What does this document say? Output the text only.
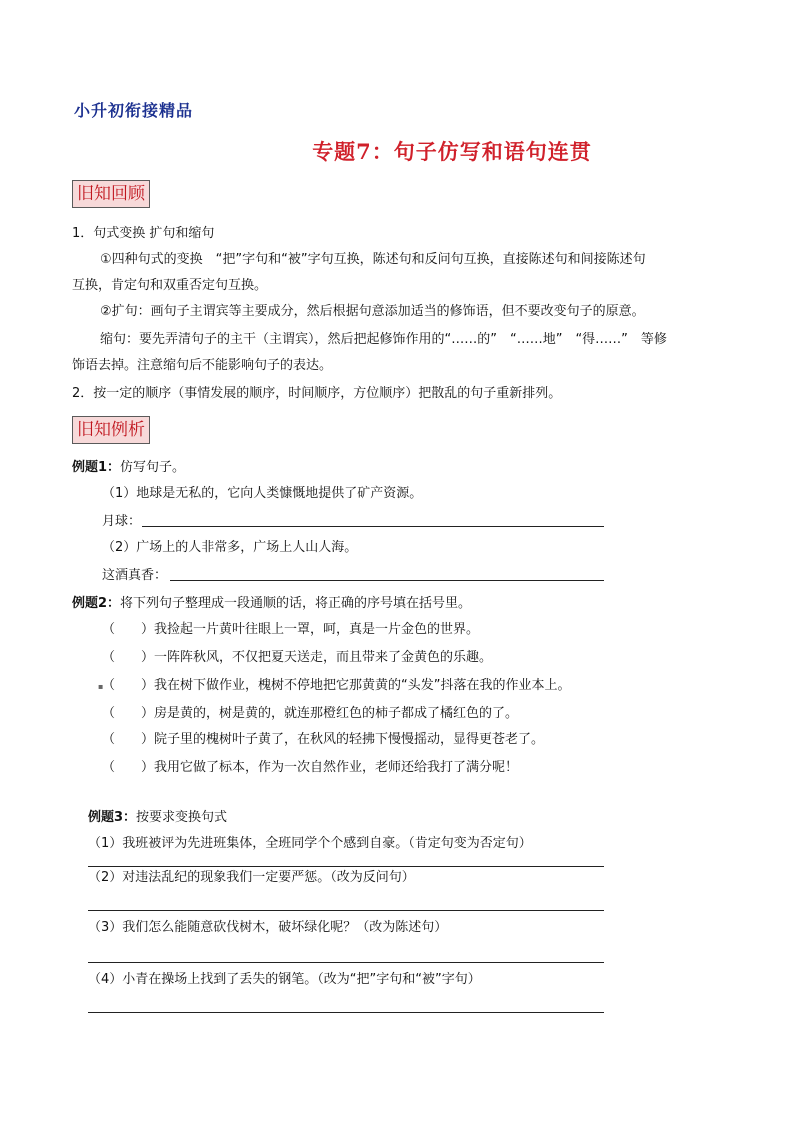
小升初衔接精品
专题7：句子仿写和语句连贯
旧知回顾
1．句式变换 扩句和缩句
①四种句式的变换　“把”字句和“被”字句互换，陈述句和反问句互换，直接陈述句和间接陈述句
互换，肯定句和双重否定句互换。
②扩句：画句子主谓宾等主要成分，然后根据句意添加适当的修饰语，但不要改变句子的原意。
缩句：要先弄清句子的主干（主谓宾），然后把起修饰作用的“……的”　“……地”　“得……”　等修
饰语去掉。注意缩句后不能影响句子的表达。
2．按一定的顺序（事情发展的顺序，时间顺序，方位顺序）把散乱的句子重新排列。
旧知例析
例题1：仿写句子。
（1）地球是无私的，它向人类慷慨地提供了矿产资源。
月球：
（2）广场上的人非常多，广场上人山人海。
这酒真香：
例题2：将下列句子整理成一段通顺的话，将正确的序号填在括号里。
（　　）我捡起一片黄叶往眼上一罩，呵，真是一片金色的世界。
（　　）一阵阵秋风，不仅把夏天送走，而且带来了金黄色的乐趣。
▪
（　　）我在树下做作业，槐树不停地把它那黄黄的“头发”抖落在我的作业本上。
（　　）房是黄的，树是黄的，就连那橙红色的柿子都成了橘红色的了。
（　　）院子里的槐树叶子黄了，在秋风的轻拂下慢慢摇动，显得更苍老了。
（　　）我用它做了标本，作为一次自然作业，老师还给我打了满分呢！
例题3：按要求变换句式
（1）我班被评为先进班集体，全班同学个个感到自豪。（肯定句变为否定句）
（2）对违法乱纪的现象我们一定要严惩。（改为反问句）
（3）我们怎么能随意砍伐树木，破坏绿化呢？（改为陈述句）
（4）小青在操场上找到了丢失的钢笔。（改为“把”字句和“被”字句）
